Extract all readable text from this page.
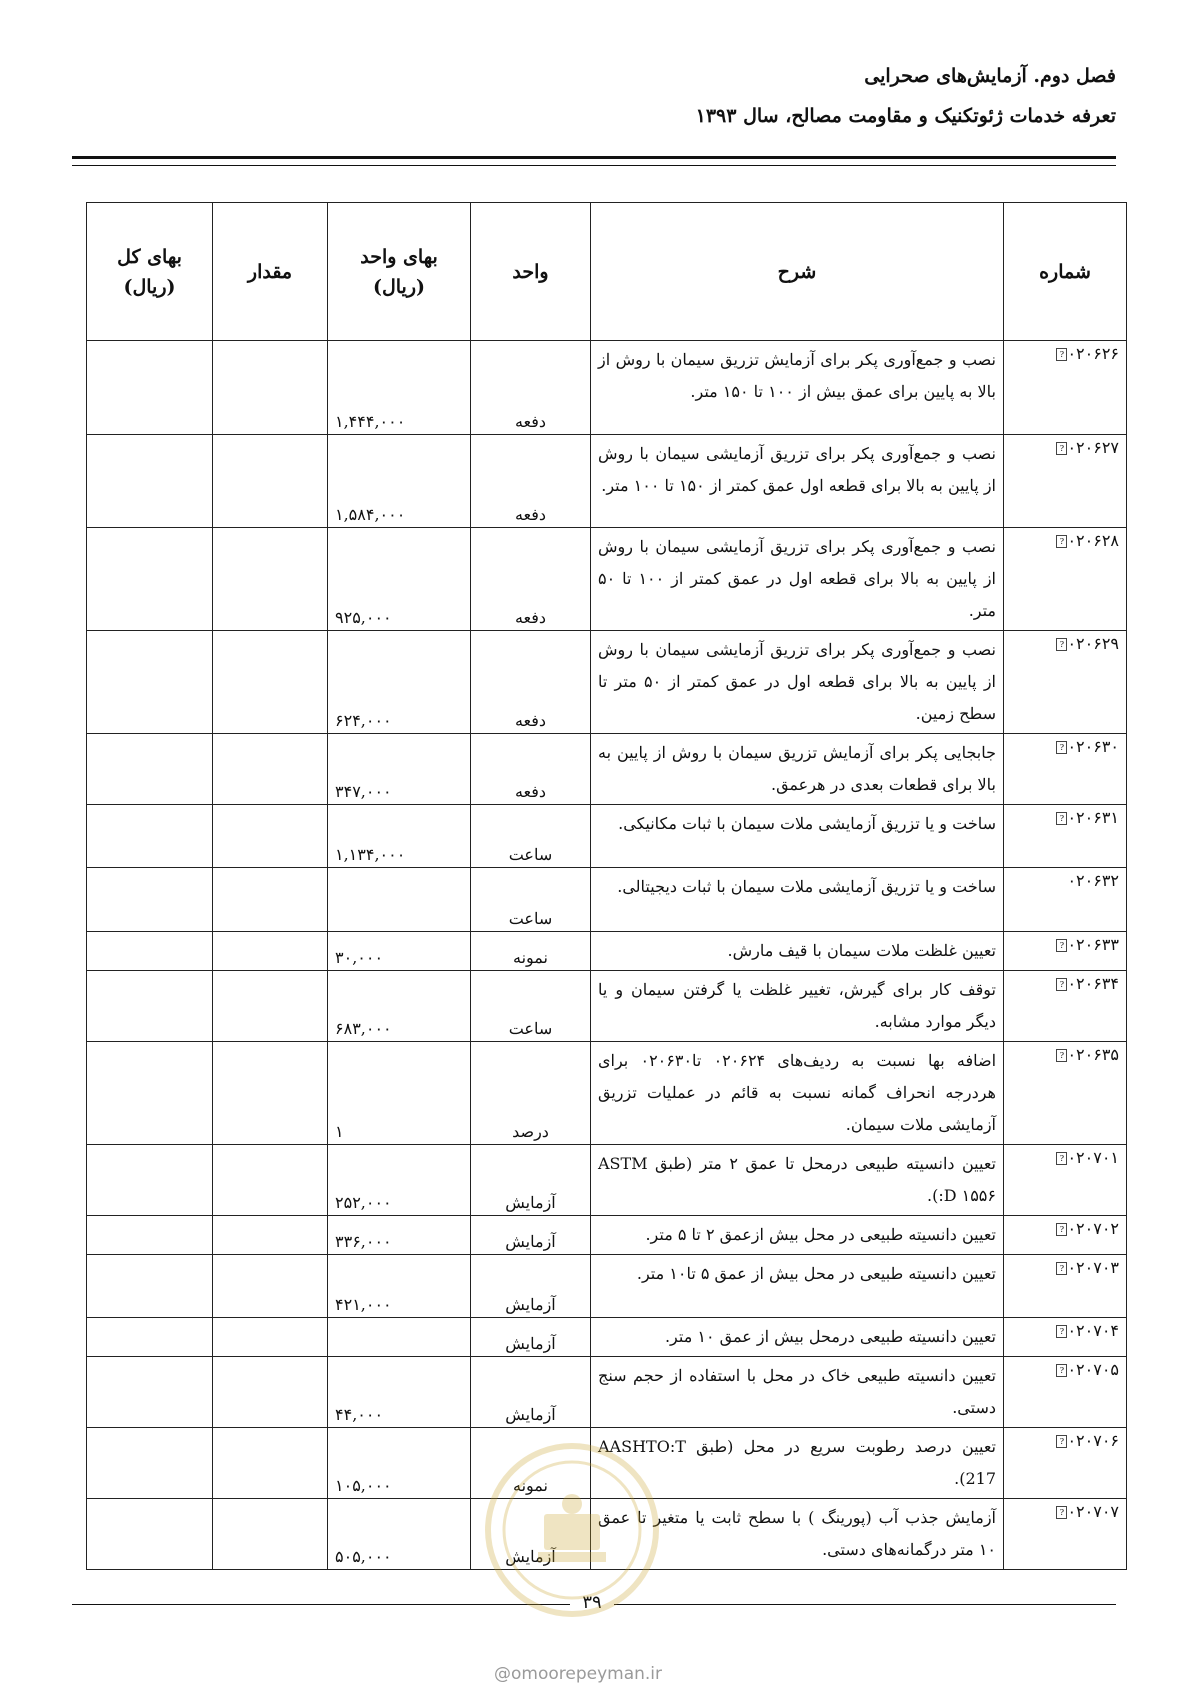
فصل دوم. آزمایش‌های صحرایی
تعرفه خدمات ژئوتکنیک و مقاومت مصالح، سال ۱۳۹۳
شماره	شرح	واحد	بهای واحد (ریال)	مقدار	بهای کل (ریال)
۰۲۰۶۲۶?	نصب و جمع‌آوری پکر برای آزمایش تزریق سیمان با روش از بالا به پایین برای عمق بیش از ۱۰۰ تا ۱۵۰ متر.	دفعه	۱,۴۴۴,۰۰۰		
۰۲۰۶۲۷?	نصب و جمع‌آوری پکر برای تزریق آزمایشی سیمان با روش از پایین به بالا برای قطعه اول عمق کمتر از ۱۵۰ تا ۱۰۰ متر.	دفعه	۱,۵۸۴,۰۰۰		
۰۲۰۶۲۸?	نصب و جمع‌آوری پکر برای تزریق آزمایشی سیمان با روش از پایین به بالا برای قطعه اول در عمق کمتر از ۱۰۰ تا ۵۰ متر.	دفعه	۹۲۵,۰۰۰		
۰۲۰۶۲۹?	نصب و جمع‌آوری پکر برای تزریق آزمایشی سیمان با روش از پایین به بالا برای قطعه اول در عمق کمتر از ۵۰ متر تا سطح زمین.	دفعه	۶۲۴,۰۰۰		
۰۲۰۶۳۰?	جابجایی پکر برای آزمایش تزریق سیمان با روش از پایین به بالا برای قطعات بعدی در هرعمق.	دفعه	۳۴۷,۰۰۰		
۰۲۰۶۳۱?	ساخت و یا تزریق آزمایشی ملات سیمان با ثبات مکانیکی.	ساعت	۱,۱۳۴,۰۰۰		
۰۲۰۶۳۲	ساخت و یا تزریق آزمایشی ملات سیمان با ثبات دیجیتالی.	ساعت			
۰۲۰۶۳۳?	تعیین غلظت ملات سیمان با قیف مارش.	نمونه	۳۰,۰۰۰		
۰۲۰۶۳۴?	توقف کار برای گیرش، تغییر غلظت یا گرفتن سیمان و یا دیگر موارد مشابه.	ساعت	۶۸۳,۰۰۰		
۰۲۰۶۳۵?	اضافه بها نسبت به ردیف‌های ۰۲۰۶۲۴ تا۰۲۰۶۳۰ برای هردرجه انحراف گمانه نسبت به قائم در عملیات تزریق آزمایشی ملات سیمان.	درصد	۱		
۰۲۰۷۰۱?	تعیین دانسیته طبیعی درمحل تا عمق ۲ متر (طبق ASTM :D ۱۵۵۶).	آزمایش	۲۵۲,۰۰۰		
۰۲۰۷۰۲?	تعیین دانسیته طبیعی در محل بیش ازعمق ۲ تا ۵ متر.	آزمایش	۳۳۶,۰۰۰		
۰۲۰۷۰۳?	تعیین دانسیته طبیعی در محل بیش از عمق ۵ تا۱۰ متر.	آزمایش	۴۲۱,۰۰۰		
۰۲۰۷۰۴?	تعیین دانسیته طبیعی درمحل بیش از عمق ۱۰ متر.	آزمایش			
۰۲۰۷۰۵?	تعیین دانسیته طبیعی خاک در محل با استفاده از حجم سنج دستی.	آزمایش	۴۴,۰۰۰		
۰۲۰۷۰۶?	تعیین درصد رطوبت سریع در محل (طبق AASHTO:T 217).	نمونه	۱۰۵,۰۰۰		
۰۲۰۷۰۷?	آزمایش جذب آب (پورینگ ) با سطح ثابت یا متغیر تا عمق ۱۰ متر درگمانه‌های دستی.	آزمایش	۵۰۵,۰۰۰		
۳۹
@omoorepeyman.ir
